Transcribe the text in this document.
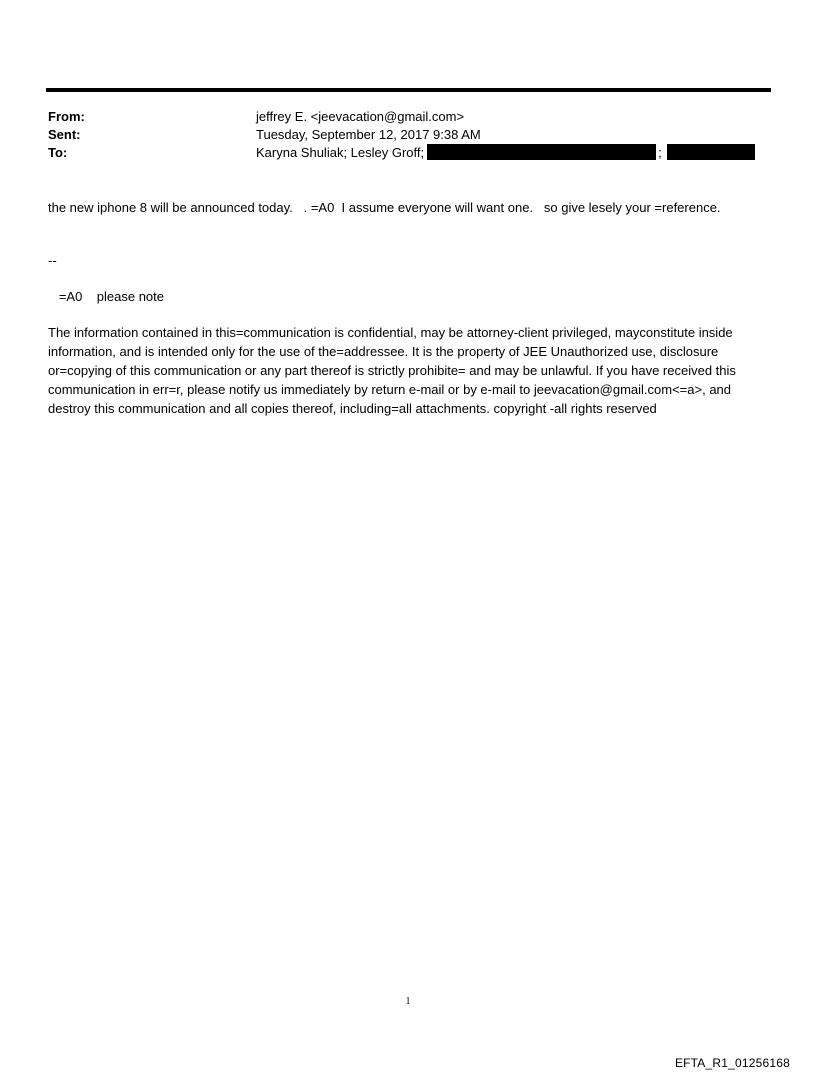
From:	jeffrey E. <jeevacation@gmail.com>
Sent:	Tuesday, September 12, 2017 9:38 AM
To:	Karyna Shuliak; Lesley Groff;	;
the new iphone 8 will be announced today.   . =A0  I assume everyone will want one.   so give lesely your =reference.
--
=A0    please note
The information contained in this=communication is confidential, may be attorney-client privileged, mayconstitute inside information, and is intended only for the use of the=addressee. It is the property of JEE Unauthorized use, disclosure or=copying of this communication or any part thereof is strictly prohibite= and may be unlawful. If you have received this communication in err=r, please notify us immediately by return e-mail or by e-mail to jeevacation@gmail.com<=a>, and destroy this communication and all copies thereof, including=all attachments. copyright -all rights reserved
1
EFTA_R1_01256168
